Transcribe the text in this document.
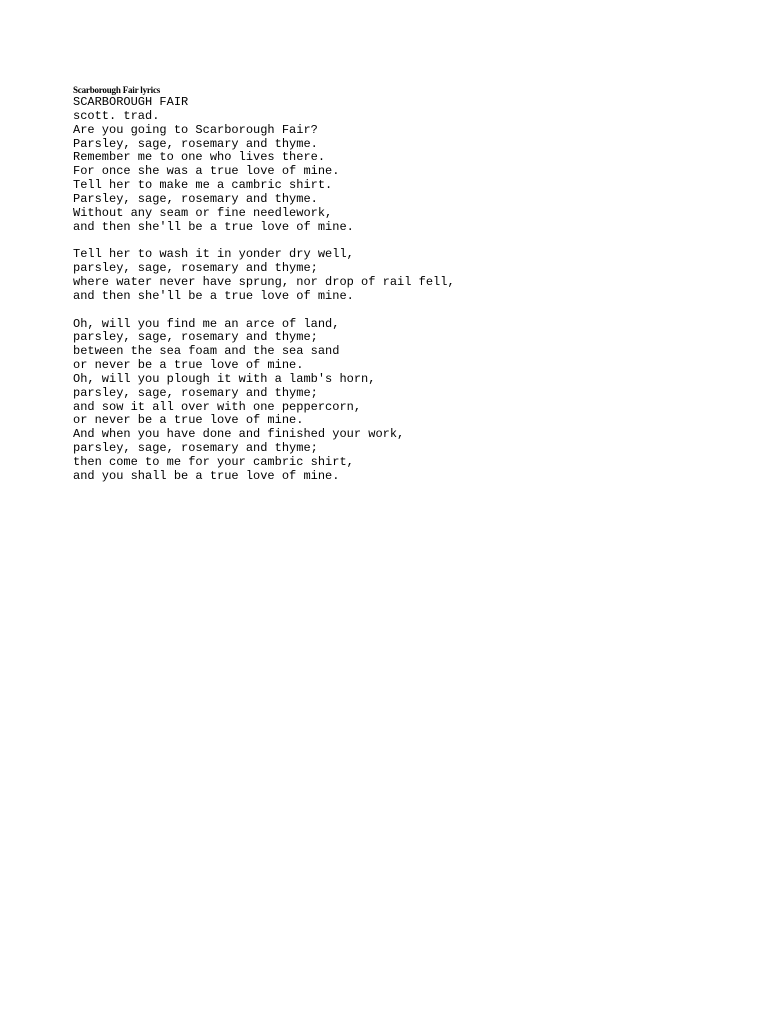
Scarborough Fair lyrics
SCARBOROUGH FAIR
scott. trad.
Are you going to Scarborough Fair?
Parsley, sage, rosemary and thyme.
Remember me to one who lives there.
For once she was a true love of mine.
Tell her to make me a cambric shirt.
Parsley, sage, rosemary and thyme.
Without any seam or fine needlework,
and then she'll be a true love of mine.
Tell her to wash it in yonder dry well,
parsley, sage, rosemary and thyme;
where water never have sprung, nor drop of rail fell,
and then she'll be a true love of mine.
Oh, will you find me an arce of land,
parsley, sage, rosemary and thyme;
between the sea foam and the sea sand
or never be a true love of mine.
Oh, will you plough it with a lamb's horn,
parsley, sage, rosemary and thyme;
and sow it all over with one peppercorn,
or never be a true love of mine.
And when you have done and finished your work,
parsley, sage, rosemary and thyme;
then come to me for your cambric shirt,
and you shall be a true love of mine.
